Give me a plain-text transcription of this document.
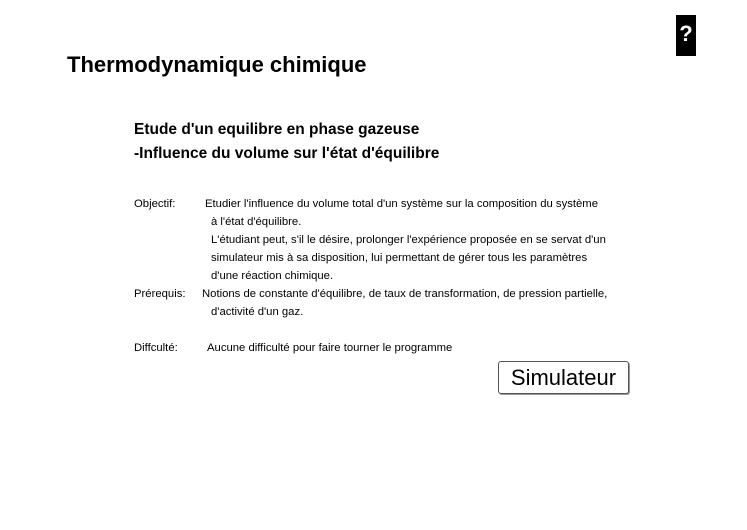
?
Thermodynamique chimique
Etude d'un equilibre en phase gazeuse
-Influence du volume sur l'état d'équilibre
Objectif:	Etudier l'influence du volume total d'un système sur la composition du système
à l'état d'équilibre.
L'étudiant peut, s'il le désire, prolonger l'expérience proposée en se servat d'un
simulateur mis à sa disposition, lui permettant de gérer tous les paramètres
d'une réaction chimique.
Prérequis: Notions de constante d'équilibre, de taux de transformation, de pression partielle,
d'activité d'un gaz.
Diffculté:	Aucune difficulté pour faire tourner le programme
Simulateur
